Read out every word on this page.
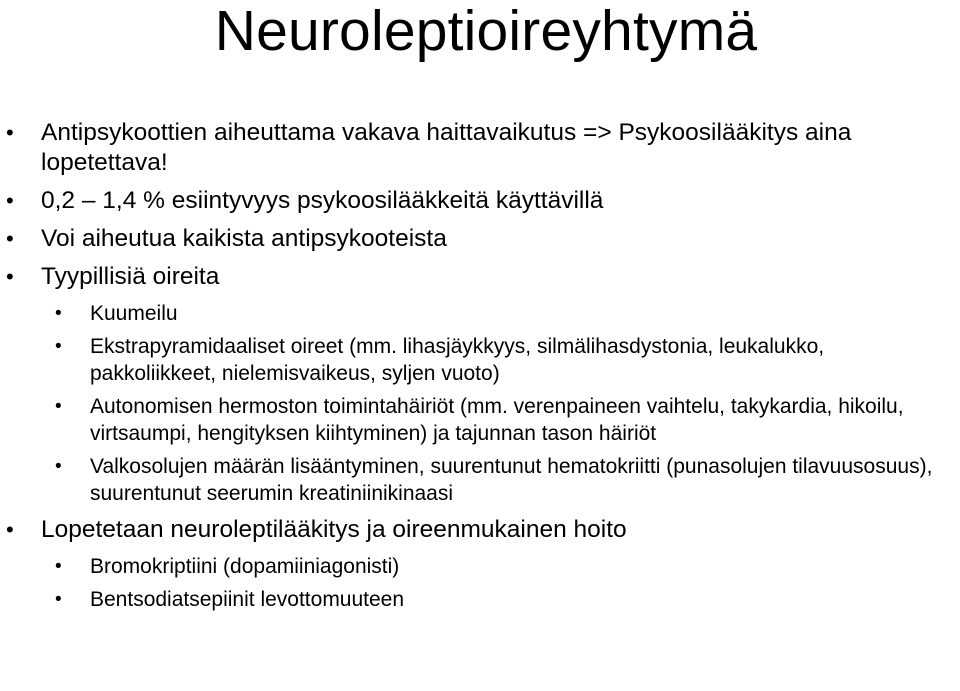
Neuroleptioireyhtymä

• Antipsykoottien aiheuttama vakava haittavaikutus => Psykoosilääkitys aina lopetettava!

• 0,2 – 1,4 % esiintyvyys psykoosilääkkeitä käyttävillä

• Voi aiheutua kaikista antipsykooteista

• Tyypillisiä oireita

• Kuumeilu

• Ekstrapyramidaaliset oireet (mm. lihasjäykkyys, silmälihasdystonia, leukalukko, pakkoliikkeet, nielemisvaikeus, syljen vuoto)

• Autonomisen hermoston toimintahäiriöt (mm. verenpaineen vaihtelu, takykardia, hikoilu, virtsaumpi, hengityksen kiihtyminen) ja tajunnan tason häiriöt

• Valkosolujen määrän lisääntyminen, suurentunut hematokriitti (punasolujen tilavuusosuus), suurentunut seerumin kreatiniinikinaasi

• Lopetetaan neuroleptilääkitys ja oireenmukainen hoito

• Bromokriptiini (dopamiiniagonisti)

• Bentsodiatsepiinit levottomuuteen
